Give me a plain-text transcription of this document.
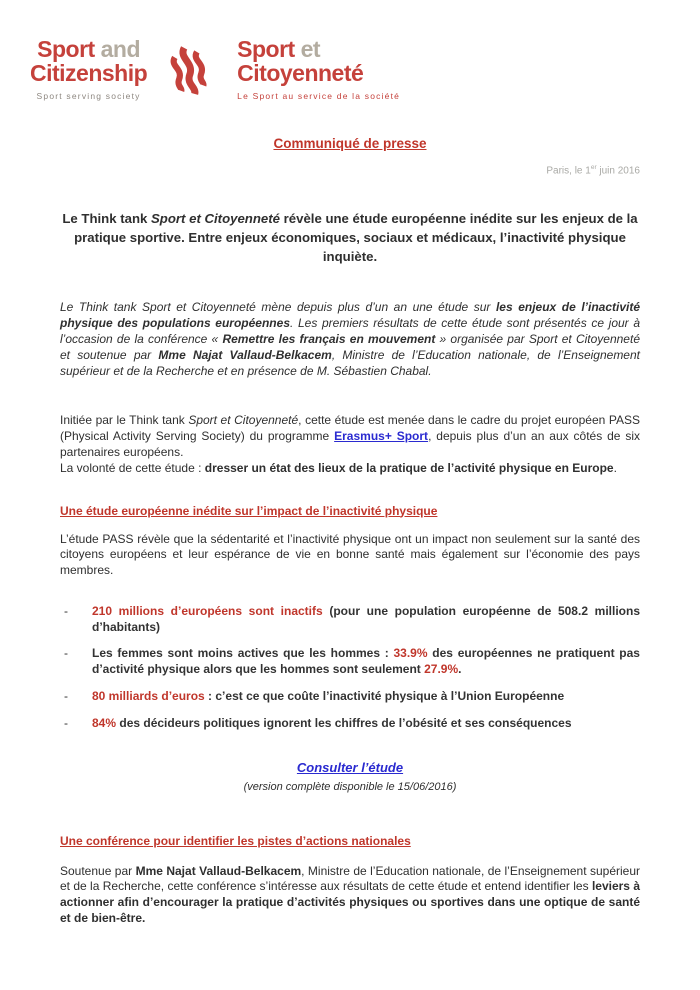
Sport and
Citizenship
Sport serving society
Sport et
Citoyenneté
Le Sport au service de la société
Communiqué de presse
Paris, le 1er juin 2016
Le Think tank Sport et Citoyenneté révèle une étude européenne inédite sur les enjeux de la pratique sportive. Entre enjeux économiques, sociaux et médicaux, l’inactivité physique inquiète.

Le Think tank Sport et Citoyenneté mène depuis plus d’un an une étude sur les enjeux de l’inactivité physique des populations européennes. Les premiers résultats de cette étude sont présentés ce jour à l’occasion de la conférence « Remettre les français en mouvement » organisée par Sport et Citoyenneté et soutenue par Mme Najat Vallaud-Belkacem, Ministre de l’Education nationale, de l’Enseignement supérieur et de la Recherche et en présence de M. Sébastien Chabal.

Initiée par le Think tank Sport et Citoyenneté, cette étude est menée dans le cadre du projet européen PASS (Physical Activity Serving Society) du programme Erasmus+ Sport, depuis plus d’un an aux côtés de six partenaires européens.
La volonté de cette étude : dresser un état des lieux de la pratique de l’activité physique en Europe.

Une étude européenne inédite sur l’impact de l’inactivité physique

L’étude PASS révèle que la sédentarité et l’inactivité physique ont un impact non seulement sur la santé des citoyens européens et leur espérance de vie en bonne santé mais également sur l’économie des pays membres.

-	210 millions d’européens sont inactifs (pour une population européenne de 508.2 millions d’habitants)
-	Les femmes sont moins actives que les hommes : 33.9% des européennes ne pratiquent pas d’activité physique alors que les hommes sont seulement 27.9%.
-	80 milliards d’euros : c’est ce que coûte l’inactivité physique à l’Union Européenne
-	84% des décideurs politiques ignorent les chiffres de l’obésité et ses conséquences
Consulter l’étude
(version complète disponible le 15/06/2016)
Une conférence pour identifier les pistes d’actions nationales

Soutenue par Mme Najat Vallaud-Belkacem, Ministre de l’Education nationale, de l’Enseignement supérieur et de la Recherche, cette conférence s’intéresse aux résultats de cette étude et entend identifier les leviers à actionner afin d’encourager la pratique d’activités physiques ou sportives dans une optique de santé et de bien-être.
